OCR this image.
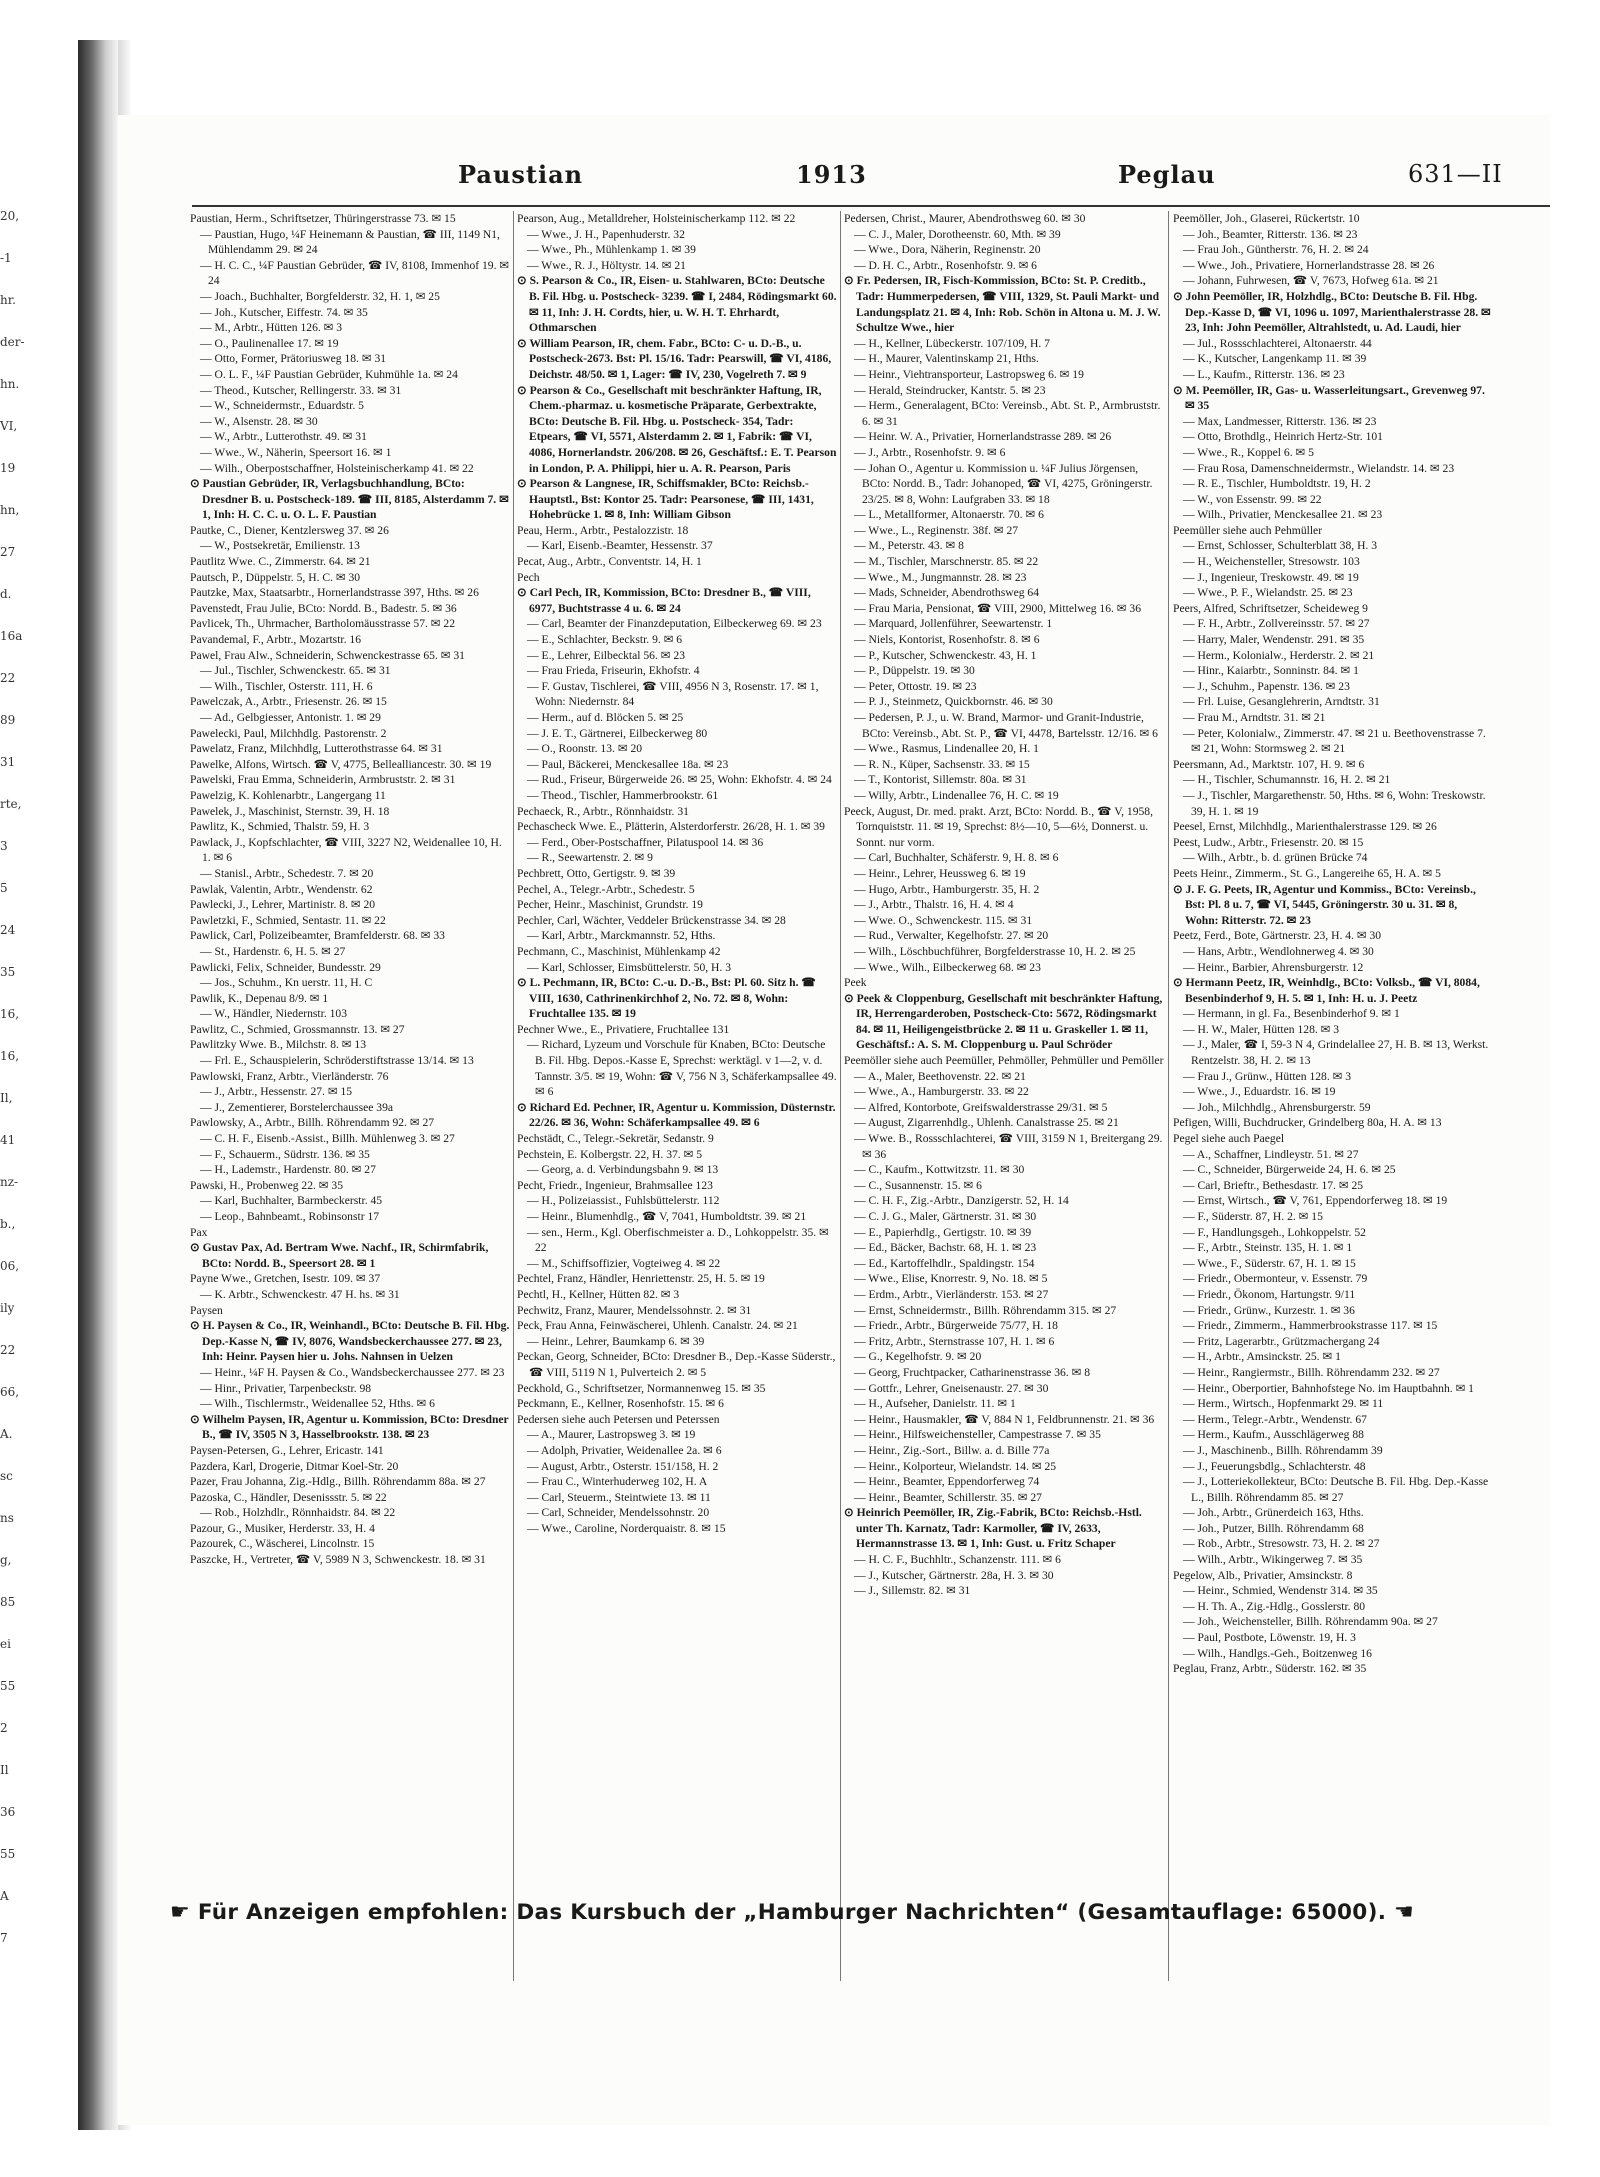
20,
-1
hr.
der-
hn.
VI,
19
hn,
27
d.
16a
22
89
31
rte,
3
5
24
35
16,
16,
Il,
41
nz-
b.,
06,
ily
22
66,
A.
sc
ns
g,
85
ei
55
2
Il
36
55
A
7
Paustian	1913	Peglau	631—II

Paustian, Herm., Schriftsetzer, Thüringerstrasse 73. ✉ 15

— Paustian, Hugo, ¼F Heinemann & Paustian, ☎ III, 1149 N1, Mühlendamm 29. ✉ 24

— H. C. C., ¼F Paustian Gebrüder, ☎ IV, 8108, Immenhof 19. ✉ 24

— Joach., Buchhalter, Borgfelderstr. 32, H. 1, ✉ 25

— Joh., Kutscher, Eiffestr. 74. ✉ 35

— M., Arbtr., Hütten 126. ✉ 3

— O., Paulinenallee 17. ✉ 19

— Otto, Former, Prätoriusweg 18. ✉ 31

— O. L. F., ¼F Paustian Gebrüder, Kuhmühle 1a. ✉ 24

— Theod., Kutscher, Rellingerstr. 33. ✉ 31

— W., Schneidermstr., Eduardstr. 5

— W., Alsenstr. 28. ✉ 30

— W., Arbtr., Lutterothstr. 49. ✉ 31

— Wwe., W., Näherin, Speersort 16. ✉ 1

— Wilh., Oberpostschaffner, Holsteinischerkamp 41. ✉ 22

⊙ Paustian Gebrüder, IR, Verlagsbuchhandlung, BCto: Dresdner B. u. Postscheck-189. ☎ III, 8185, Alsterdamm 7. ✉ 1, Inh: H. C. C. u. O. L. F. Paustian

Pautke, C., Diener, Kentzlersweg 37. ✉ 26

— W., Postsekretär, Emilienstr. 13

Pautlitz Wwe. C., Zimmerstr. 64. ✉ 21

Pautsch, P., Düppelstr. 5, H. C. ✉ 30

Pautzke, Max, Staatsarbtr., Hornerlandstrasse 397, Hths. ✉ 26

Pavenstedt, Frau Julie, BCto: Nordd. B., Badestr. 5. ✉ 36

Pavlicek, Th., Uhrmacher, Bartholomäusstrasse 57. ✉ 22

Pavandemal, F., Arbtr., Mozartstr. 16

Pawel, Frau Alw., Schneiderin, Schwenckestrasse 65. ✉ 31

— Jul., Tischler, Schwenckestr. 65. ✉ 31

— Wilh., Tischler, Osterstr. 111, H. 6

Pawelczak, A., Arbtr., Friesenstr. 26. ✉ 15

— Ad., Gelbgiesser, Antonistr. 1. ✉ 29

Pawelecki, Paul, Milchhdlg. Pastorenstr. 2

Pawelatz, Franz, Milchhdlg, Lutterothstrasse 64. ✉ 31

Pawelke, Alfons, Wirtsch. ☎ V, 4775, Bellealliancestr. 30. ✉ 19

Pawelski, Frau Emma, Schneiderin, Armbruststr. 2. ✉ 31

Pawelzig, K. Kohlenarbtr., Langergang 11

Pawelek, J., Maschinist, Sternstr. 39, H. 18

Pawlitz, K., Schmied, Thalstr. 59, H. 3

Pawlack, J., Kopfschlachter, ☎ VIII, 3227 N2, Weidenallee 10, H. 1. ✉ 6

— Stanisl., Arbtr., Schedestr. 7. ✉ 20

Pawlak, Valentin, Arbtr., Wendenstr. 62

Pawlecki, J., Lehrer, Martinistr. 8. ✉ 20

Pawletzki, F., Schmied, Sentastr. 11. ✉ 22

Pawlick, Carl, Polizeibeamter, Bramfelderstr. 68. ✉ 33

— St., Hardenstr. 6, H. 5. ✉ 27

Pawlicki, Felix, Schneider, Bundesstr. 29

— Jos., Schuhm., Kn uerstr. 11, H. C

Pawlik, K., Depenau 8/9. ✉ 1

— W., Händler, Niedernstr. 103

Pawlitz, C., Schmied, Grossmannstr. 13. ✉ 27

Pawlitzky Wwe. B., Milchstr. 8. ✉ 13

— Frl. E., Schauspielerin, Schröderstiftstrasse 13/14. ✉ 13

Pawlowski, Franz, Arbtr., Vierländerstr. 76

— J., Arbtr., Hessenstr. 27. ✉ 15

— J., Zementierer, Borstelerchaussee 39a

Pawlowsky, A., Arbtr., Billh. Röhrendamm 92. ✉ 27

— C. H. F., Eisenb.-Assist., Billh. Mühlenweg 3. ✉ 27

— F., Schauerm., Südrstr. 136. ✉ 35

— H., Lademstr., Hardenstr. 80. ✉ 27

Pawski, H., Probenweg 22. ✉ 35

— Karl, Buchhalter, Barmbeckerstr. 45

— Leop., Bahnbeamt., Robinsonstr 17

Pax

⊙ Gustav Pax, Ad. Bertram Wwe. Nachf., IR, Schirmfabrik, BCto: Nordd. B., Speersort 28. ✉ 1

Payne Wwe., Gretchen, Isestr. 109. ✉ 37

— K. Arbtr., Schwenckestr. 47 H. hs. ✉ 31

Paysen

⊙ H. Paysen & Co., IR, Weinhandl., BCto: Deutsche B. Fil. Hbg. Dep.-Kasse N, ☎ IV, 8076, Wandsbeckerchaussee 277. ✉ 23, Inh: Heinr. Paysen hier u. Johs. Nahnsen in Uelzen

— Heinr., ¼F H. Paysen & Co., Wandsbeckerchaussee 277. ✉ 23

— Hinr., Privatier, Tarpenbeckstr. 98

— Wilh., Tischlermstr., Weidenallee 52, Hths. ✉ 6

⊙ Wilhelm Paysen, IR, Agentur u. Kommission, BCto: Dresdner B., ☎ IV, 3505 N 3, Hasselbrookstr. 138. ✉ 23

Paysen-Petersen, G., Lehrer, Ericastr. 141

Pazdera, Karl, Drogerie, Ditmar Koel-Str. 20

Pazer, Frau Johanna, Zig.-Hdlg., Billh. Röhrendamm 88a. ✉ 27

Pazoska, C., Händler, Desenissstr. 5. ✉ 22

— Rob., Holzhdlr., Rönnhaidstr. 84. ✉ 22

Pazour, G., Musiker, Herderstr. 33, H. 4

Pazourek, C., Wäscherei, Lincolnstr. 15

Paszcke, H., Vertreter, ☎ V, 5989 N 3, Schwenckestr. 18. ✉ 31

Pearson, Aug., Metalldreher, Holsteinischerkamp 112. ✉ 22

— Wwe., J. H., Papenhuderstr. 32

— Wwe., Ph., Mühlenkamp 1. ✉ 39

— Wwe., R. J., Höltystr. 14. ✉ 21

⊙ S. Pearson & Co., IR, Eisen- u. Stahlwaren, BCto: Deutsche B. Fil. Hbg. u. Postscheck- 3239. ☎ I, 2484, Rödingsmarkt 60. ✉ 11, Inh: J. H. Cordts, hier, u. W. H. T. Ehrhardt, Othmarschen

⊙ William Pearson, IR, chem. Fabr., BCto: C- u. D.-B., u. Postscheck-2673. Bst: Pl. 15/16. Tadr: Pearswill, ☎ VI, 4186, Deichstr. 48/50. ✉ 1, Lager: ☎ IV, 230, Vogelreth 7. ✉ 9

⊙ Pearson & Co., Gesellschaft mit beschränkter Haftung, IR, Chem.-pharmaz. u. kosmetische Präparate, Gerbextrakte, BCto: Deutsche B. Fil. Hbg. u. Postscheck- 354, Tadr: Etpears, ☎ VI, 5571, Alsterdamm 2. ✉ 1, Fabrik: ☎ VI, 4086, Hornerlandstr. 206/208. ✉ 26, Geschäftsf.: E. T. Pearson in London, P. A. Philippi, hier u. A. R. Pearson, Paris

⊙ Pearson & Langnese, IR, Schiffsmakler, BCto: Reichsb.-Hauptstl., Bst: Kontor 25. Tadr: Pearsonese, ☎ III, 1431, Hohebrücke 1. ✉ 8, Inh: William Gibson

Peau, Herm., Arbtr., Pestalozzistr. 18

— Karl, Eisenb.-Beamter, Hessenstr. 37

Pecat, Aug., Arbtr., Conventstr. 14, H. 1

Pech

⊙ Carl Pech, IR, Kommission, BCto: Dresdner B., ☎ VIII, 6977, Buchtstrasse 4 u. 6. ✉ 24

— Carl, Beamter der Finanzdeputation, Eilbeckerweg 69. ✉ 23

— E., Schlachter, Beckstr. 9. ✉ 6

— E., Lehrer, Eilbecktal 56. ✉ 23

— Frau Frieda, Friseurin, Ekhofstr. 4

— F. Gustav, Tischlerei, ☎ VIII, 4956 N 3, Rosenstr. 17. ✉ 1, Wohn: Niedernstr. 84

— Herm., auf d. Blöcken 5. ✉ 25

— J. E. T., Gärtnerei, Eilbeckerweg 80

— O., Roonstr. 13. ✉ 20

— Paul, Bäckerei, Menckesallee 18a. ✉ 23

— Rud., Friseur, Bürgerweide 26. ✉ 25, Wohn: Ekhofstr. 4. ✉ 24

— Theod., Tischler, Hammerbrookstr. 61

Pechaeck, R., Arbtr., Rönnhaidstr. 31

Pechascheck Wwe. E., Plätterin, Alsterdorferstr. 26/28, H. 1. ✉ 39

— Ferd., Ober-Postschaffner, Pilatuspool 14. ✉ 36

— R., Seewartenstr. 2. ✉ 9

Pechbrett, Otto, Gertigstr. 9. ✉ 39

Pechel, A., Telegr.-Arbtr., Schedestr. 5

Pecher, Heinr., Maschinist, Grundstr. 19

Pechler, Carl, Wächter, Veddeler Brückenstrasse 34. ✉ 28

— Karl, Arbtr., Marckmannstr. 52, Hths.

Pechmann, C., Maschinist, Mühlenkamp 42

— Karl, Schlosser, Eimsbüttelerstr. 50, H. 3

⊙ L. Pechmann, IR, BCto: C.-u. D.-B., Bst: Pl. 60. Sitz h. ☎ VIII, 1630, Cathrinenkirchhof 2, No. 72. ✉ 8, Wohn: Fruchtallee 135. ✉ 19

Pechner Wwe., E., Privatiere, Fruchtallee 131

— Richard, Lyzeum und Vorschule für Knaben, BCto: Deutsche B. Fil. Hbg. Depos.-Kasse E, Sprechst: werktägl. v 1—2, v. d. Tannstr. 3/5. ✉ 19, Wohn: ☎ V, 756 N 3, Schäferkampsallee 49. ✉ 6

⊙ Richard Ed. Pechner, IR, Agentur u. Kommission, Düsternstr. 22/26. ✉ 36, Wohn: Schäferkampsallee 49. ✉ 6

Pechstädt, C., Telegr.-Sekretär, Sedanstr. 9

Pechstein, E. Kolbergstr. 22, H. 37. ✉ 5

— Georg, a. d. Verbindungsbahn 9. ✉ 13

Pecht, Friedr., Ingenieur, Brahmsallee 123

— H., Polizeiassist., Fuhlsbüttelerstr. 112

— Heinr., Blumenhdlg., ☎ V, 7041, Humboldtstr. 39. ✉ 21

— sen., Herm., Kgl. Oberfischmeister a. D., Lohkoppelstr. 35. ✉ 22

— M., Schiffsoffizier, Vogteiweg 4. ✉ 22

Pechtel, Franz, Händler, Henriettenstr. 25, H. 5. ✉ 19

Pechtl, H., Kellner, Hütten 82. ✉ 3

Pechwitz, Franz, Maurer, Mendelssohnstr. 2. ✉ 31

Peck, Frau Anna, Feinwäscherei, Uhlenh. Canalstr. 24. ✉ 21

— Heinr., Lehrer, Baumkamp 6. ✉ 39

Peckan, Georg, Schneider, BCto: Dresdner B., Dep.-Kasse Süderstr., ☎ VIII, 5119 N 1, Pulverteich 2. ✉ 5

Peckhold, G., Schriftsetzer, Normannenweg 15. ✉ 35

Peckmann, E., Kellner, Rosenhofstr. 15. ✉ 6

Pedersen siehe auch Petersen und Peterssen

— A., Maurer, Lastropsweg 3. ✉ 19

— Adolph, Privatier, Weidenallee 2a. ✉ 6

— August, Arbtr., Osterstr. 151/158, H. 2

— Frau C., Winterhuderweg 102, H. A

— Carl, Steuerm., Steintwiete 13. ✉ 11

— Carl, Schneider, Mendelssohnstr. 20

— Wwe., Caroline, Norderquaistr. 8. ✉ 15

Pedersen, Christ., Maurer, Abendrothsweg 60. ✉ 30

— C. J., Maler, Dorotheenstr. 60, Mth. ✉ 39

— Wwe., Dora, Näherin, Reginenstr. 20

— D. H. C., Arbtr., Rosenhofstr. 9. ✉ 6

⊙ Fr. Pedersen, IR, Fisch-Kommission, BCto: St. P. Creditb., Tadr: Hummerpedersen, ☎ VIII, 1329, St. Pauli Markt- und Landungsplatz 21. ✉ 4, Inh: Rob. Schön in Altona u. M. J. W. Schultze Wwe., hier

— H., Kellner, Lübeckerstr. 107/109, H. 7

— H., Maurer, Valentinskamp 21, Hths.

— Heinr., Viehtransporteur, Lastropsweg 6. ✉ 19

— Herald, Steindrucker, Kantstr. 5. ✉ 23

— Herm., Generalagent, BCto: Vereinsb., Abt. St. P., Armbruststr. 6. ✉ 31

— Heinr. W. A., Privatier, Hornerlandstrasse 289. ✉ 26

— J., Arbtr., Rosenhofstr. 9. ✉ 6

— Johan O., Agentur u. Kommission u. ¼F Julius Jörgensen, BCto: Nordd. B., Tadr: Johanoped, ☎ VI, 4275, Gröningerstr. 23/25. ✉ 8, Wohn: Laufgraben 33. ✉ 18

— L., Metallformer, Altonaerstr. 70. ✉ 6

— Wwe., L., Reginenstr. 38f. ✉ 27

— M., Peterstr. 43. ✉ 8

— M., Tischler, Marschnerstr. 85. ✉ 22

— Wwe., M., Jungmannstr. 28. ✉ 23

— Mads, Schneider, Abendrothsweg 64

— Frau Maria, Pensionat, ☎ VIII, 2900, Mittelweg 16. ✉ 36

— Marquard, Jollenführer, Seewartenstr. 1

— Niels, Kontorist, Rosenhofstr. 8. ✉ 6

— P., Kutscher, Schwenckestr. 43, H. 1

— P., Düppelstr. 19. ✉ 30

— Peter, Ottostr. 19. ✉ 23

— P. J., Steinmetz, Quickbornstr. 46. ✉ 30

— Pedersen, P. J., u. W. Brand, Marmor- und Granit-Industrie, BCto: Vereinsb., Abt. St. P., ☎ VI, 4478, Bartelsstr. 12/16. ✉ 6

— Wwe., Rasmus, Lindenallee 20, H. 1

— R. N., Küper, Sachsenstr. 33. ✉ 15

— T., Kontorist, Sillemstr. 80a. ✉ 31

— Willy, Arbtr., Lindenallee 76, H. C. ✉ 19

Peeck, August, Dr. med. prakt. Arzt, BCto: Nordd. B., ☎ V, 1958, Tornquiststr. 11. ✉ 19, Sprechst: 8½—10, 5—6½, Donnerst. u. Sonnt. nur vorm.

— Carl, Buchhalter, Schäferstr. 9, H. 8. ✉ 6

— Heinr., Lehrer, Heussweg 6. ✉ 19

— Hugo, Arbtr., Hamburgerstr. 35, H. 2

— J., Arbtr., Thalstr. 16, H. 4. ✉ 4

— Wwe. O., Schwenckestr. 115. ✉ 31

— Rud., Verwalter, Kegelhofstr. 27. ✉ 20

— Wilh., Löschbuchführer, Borgfelderstrasse 10, H. 2. ✉ 25

— Wwe., Wilh., Eilbeckerweg 68. ✉ 23

Peek

⊙ Peek & Cloppenburg, Gesellschaft mit beschränkter Haftung, IR, Herrengarderoben, Postscheck-Cto: 5672, Rödingsmarkt 84. ✉ 11, Heiligengeistbrücke 2. ✉ 11 u. Graskeller 1. ✉ 11, Geschäftsf.: A. S. M. Cloppenburg u. Paul Schröder

Peemöller siehe auch Peemüller, Pehmöller, Pehmüller und Pemöller

— A., Maler, Beethovenstr. 22. ✉ 21

— Wwe., A., Hamburgerstr. 33. ✉ 22

— Alfred, Kontorbote, Greifswalderstrasse 29/31. ✉ 5

— August, Zigarrenhdlg., Uhlenh. Canalstrasse 25. ✉ 21

— Wwe. B., Rossschlachterei, ☎ VIII, 3159 N 1, Breitergang 29. ✉ 36

— C., Kaufm., Kottwitzstr. 11. ✉ 30

— C., Susannenstr. 15. ✉ 6

— C. H. F., Zig.-Arbtr., Danzigerstr. 52, H. 14

— C. J. G., Maler, Gärtnerstr. 31. ✉ 30

— E., Papierhdlg., Gertigstr. 10. ✉ 39

— Ed., Bäcker, Bachstr. 68, H. 1. ✉ 23

— Ed., Kartoffelhdlr., Spaldingstr. 154

— Wwe., Elise, Knorrestr. 9, No. 18. ✉ 5

— Erdm., Arbtr., Vierländerstr. 153. ✉ 27

— Ernst, Schneidermstr., Billh. Röhrendamm 315. ✉ 27

— Friedr., Arbtr., Bürgerweide 75/77, H. 18

— Fritz, Arbtr., Sternstrasse 107, H. 1. ✉ 6

— G., Kegelhofstr. 9. ✉ 20

— Georg, Fruchtpacker, Catharinenstrasse 36. ✉ 8

— Gottfr., Lehrer, Gneisenaustr. 27. ✉ 30

— H., Aufseher, Danielstr. 11. ✉ 1

— Heinr., Hausmakler, ☎ V, 884 N 1, Feldbrunnenstr. 21. ✉ 36

— Heinr., Hilfsweichensteller, Campestrasse 7. ✉ 35

— Heinr., Zig.-Sort., Billw. a. d. Bille 77a

— Heinr., Kolporteur, Wielandstr. 14. ✉ 25

— Heinr., Beamter, Eppendorferweg 74

— Heinr., Beamter, Schillerstr. 35. ✉ 27

⊙ Heinrich Peemöller, IR, Zig.-Fabrik, BCto: Reichsb.-Hstl. unter Th. Karnatz, Tadr: Karmoller, ☎ IV, 2633, Hermannstrasse 13. ✉ 1, Inh: Gust. u. Fritz Schaper

— H. C. F., Buchhltr., Schanzenstr. 111. ✉ 6

— J., Kutscher, Gärtnerstr. 28a, H. 3. ✉ 30

— J., Sillemstr. 82. ✉ 31

Peemöller, Joh., Glaserei, Rückertstr. 10

— Joh., Beamter, Ritterstr. 136. ✉ 23

— Frau Joh., Güntherstr. 76, H. 2. ✉ 24

— Wwe., Joh., Privatiere, Hornerlandstrasse 28. ✉ 26

— Johann, Fuhrwesen, ☎ V, 7673, Hofweg 61a. ✉ 21

⊙ John Peemöller, IR, Holzhdlg., BCto: Deutsche B. Fil. Hbg. Dep.-Kasse D, ☎ VI, 1096 u. 1097, Marienthalerstrasse 28. ✉ 23, Inh: John Peemöller, Altrahlstedt, u. Ad. Laudi, hier

— Jul., Rossschlachterei, Altonaerstr. 44

— K., Kutscher, Langenkamp 11. ✉ 39

— L., Kaufm., Ritterstr. 136. ✉ 23

⊙ M. Peemöller, IR, Gas- u. Wasserleitungsart., Grevenweg 97. ✉ 35

— Max, Landmesser, Ritterstr. 136. ✉ 23

— Otto, Brothdlg., Heinrich Hertz-Str. 101

— Wwe., R., Koppel 6. ✉ 5

— Frau Rosa, Damenschneidermstr., Wielandstr. 14. ✉ 23

— R. E., Tischler, Humboldtstr. 19, H. 2

— W., von Essenstr. 99. ✉ 22

— Wilh., Privatier, Menckesallee 21. ✉ 23

Peemüller siehe auch Pehmüller

— Ernst, Schlosser, Schulterblatt 38, H. 3

— H., Weichensteller, Stresowstr. 103

— J., Ingenieur, Treskowstr. 49. ✉ 19

— Wwe., P. F., Wielandstr. 25. ✉ 23

Peers, Alfred, Schriftsetzer, Scheideweg 9

— F. H., Arbtr., Zollvereinsstr. 57. ✉ 27

— Harry, Maler, Wendenstr. 291. ✉ 35

— Herm., Kolonialw., Herderstr. 2. ✉ 21

— Hinr., Kaiarbtr., Sonninstr. 84. ✉ 1

— J., Schuhm., Papenstr. 136. ✉ 23

— Frl. Luise, Gesanglehrerin, Arndtstr. 31

— Frau M., Arndtstr. 31. ✉ 21

— Peter, Kolonialw., Zimmerstr. 47. ✉ 21 u. Beethovenstrasse 7. ✉ 21, Wohn: Stormsweg 2. ✉ 21

Peersmann, Ad., Marktstr. 107, H. 9. ✉ 6

— H., Tischler, Schumannstr. 16, H. 2. ✉ 21

— J., Tischler, Margarethenstr. 50, Hths. ✉ 6, Wohn: Treskowstr. 39, H. 1. ✉ 19

Peesel, Ernst, Milchhdlg., Marienthalerstrasse 129. ✉ 26

Peest, Ludw., Arbtr., Friesenstr. 20. ✉ 15

— Wilh., Arbtr., b. d. grünen Brücke 74

Peets Heinr., Zimmerm., St. G., Langereihe 65, H. A. ✉ 5

⊙ J. F. G. Peets, IR, Agentur und Kommiss., BCto: Vereinsb., Bst: Pl. 8 u. 7, ☎ VI, 5445, Gröningerstr. 30 u. 31. ✉ 8, Wohn: Ritterstr. 72. ✉ 23

Peetz, Ferd., Bote, Gärtnerstr. 23, H. 4. ✉ 30

— Hans, Arbtr., Wendlohnerweg 4. ✉ 30

— Heinr., Barbier, Ahrensburgerstr. 12

⊙ Hermann Peetz, IR, Weinhdlg., BCto: Volksb., ☎ VI, 8084, Besenbinderhof 9, H. 5. ✉ 1, Inh: H. u. J. Peetz

— Hermann, in gl. Fa., Besenbinderhof 9. ✉ 1

— H. W., Maler, Hütten 128. ✉ 3

— J., Maler, ☎ I, 59-3 N 4, Grindelallee 27, H. B. ✉ 13, Werkst. Rentzelstr. 38, H. 2. ✉ 13

— Frau J., Grünw., Hütten 128. ✉ 3

— Wwe., J., Eduardstr. 16. ✉ 19

— Joh., Milchhdlg., Ahrensburgerstr. 59

Pefigen, Willi, Buchdrucker, Grindelberg 80a, H. A. ✉ 13

Pegel siehe auch Paegel

— A., Schaffner, Lindleystr. 51. ✉ 27

— C., Schneider, Bürgerweide 24, H. 6. ✉ 25

— Carl, Brieftr., Bethesdastr. 17. ✉ 25

— Ernst, Wirtsch., ☎ V, 761, Eppendorferweg 18. ✉ 19

— F., Süderstr. 87, H. 2. ✉ 15

— F., Handlungsgeh., Lohkoppelstr. 52

— F., Arbtr., Steinstr. 135, H. 1. ✉ 1

— Wwe., F., Süderstr. 67, H. 1. ✉ 15

— Friedr., Obermonteur, v. Essenstr. 79

— Friedr., Ökonom, Hartungstr. 9/11

— Friedr., Grünw., Kurzestr. 1. ✉ 36

— Friedr., Zimmerm., Hammerbrookstrasse 117. ✉ 15

— Fritz, Lagerarbtr., Grützmachergang 24

— H., Arbtr., Amsinckstr. 25. ✉ 1

— Heinr., Rangiermstr., Billh. Röhrendamm 232. ✉ 27

— Heinr., Oberportier, Bahnhofstege No. im Hauptbahnh. ✉ 1

— Herm., Wirtsch., Hopfenmarkt 29. ✉ 11

— Herm., Telegr.-Arbtr., Wendenstr. 67

— Herm., Kaufm., Ausschlägerweg 88

— J., Maschinenb., Billh. Röhrendamm 39

— J., Feuerungsbdlg., Schlachterstr. 48

— J., Lotteriekollekteur, BCto: Deutsche B. Fil. Hbg. Dep.-Kasse L., Billh. Röhrendamm 85. ✉ 27

— Joh., Arbtr., Grünerdeich 163, Hths.

— Joh., Putzer, Billh. Röhrendamm 68

— Rob., Arbtr., Stresowstr. 73, H. 2. ✉ 27

— Wilh., Arbtr., Wikingerweg 7. ✉ 35

Pegelow, Alb., Privatier, Amsinckstr. 8

— Heinr., Schmied, Wendenstr 314. ✉ 35

— H. Th. A., Zig.-Hdlg., Gosslerstr. 80

— Joh., Weichensteller, Billh. Röhrendamm 90a. ✉ 27

— Paul, Postbote, Löwenstr. 19, H. 3

— Wilh., Handlgs.-Geh., Boitzenweg 16

Peglau, Franz, Arbtr., Süderstr. 162. ✉ 35

☛ Für Anzeigen empfohlen: Das Kursbuch der „Hamburger Nachrichten“ (Gesamtauflage: 65000). ☚
